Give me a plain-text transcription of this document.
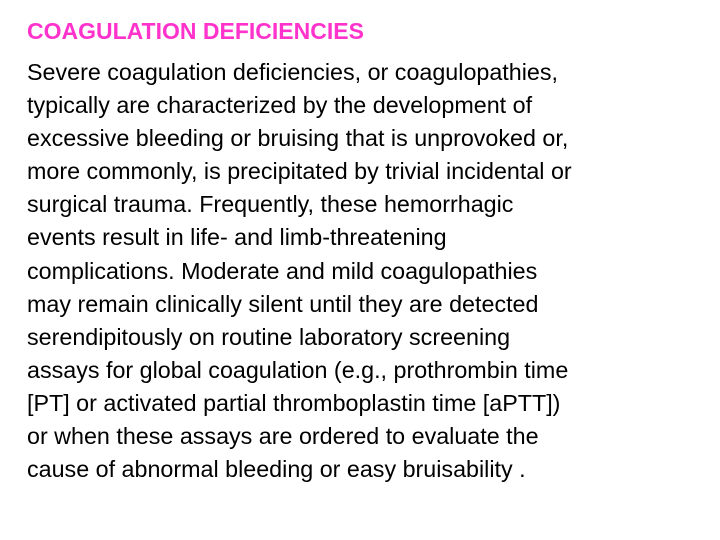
COAGULATION DEFICIENCIES

Severe coagulation deficiencies, or coagulopathies,
typically are characterized by the development of
excessive bleeding or bruising that is unprovoked or,
more commonly, is precipitated by trivial incidental or
surgical trauma. Frequently, these hemorrhagic
events result in life- and limb-threatening
complications. Moderate and mild coagulopathies
may remain clinically silent until they are detected
serendipitously on routine laboratory screening
assays for global coagulation (e.g., prothrombin time
[PT] or activated partial thromboplastin time [aPTT])
or when these assays are ordered to evaluate the
cause of abnormal bleeding or easy bruisability .
